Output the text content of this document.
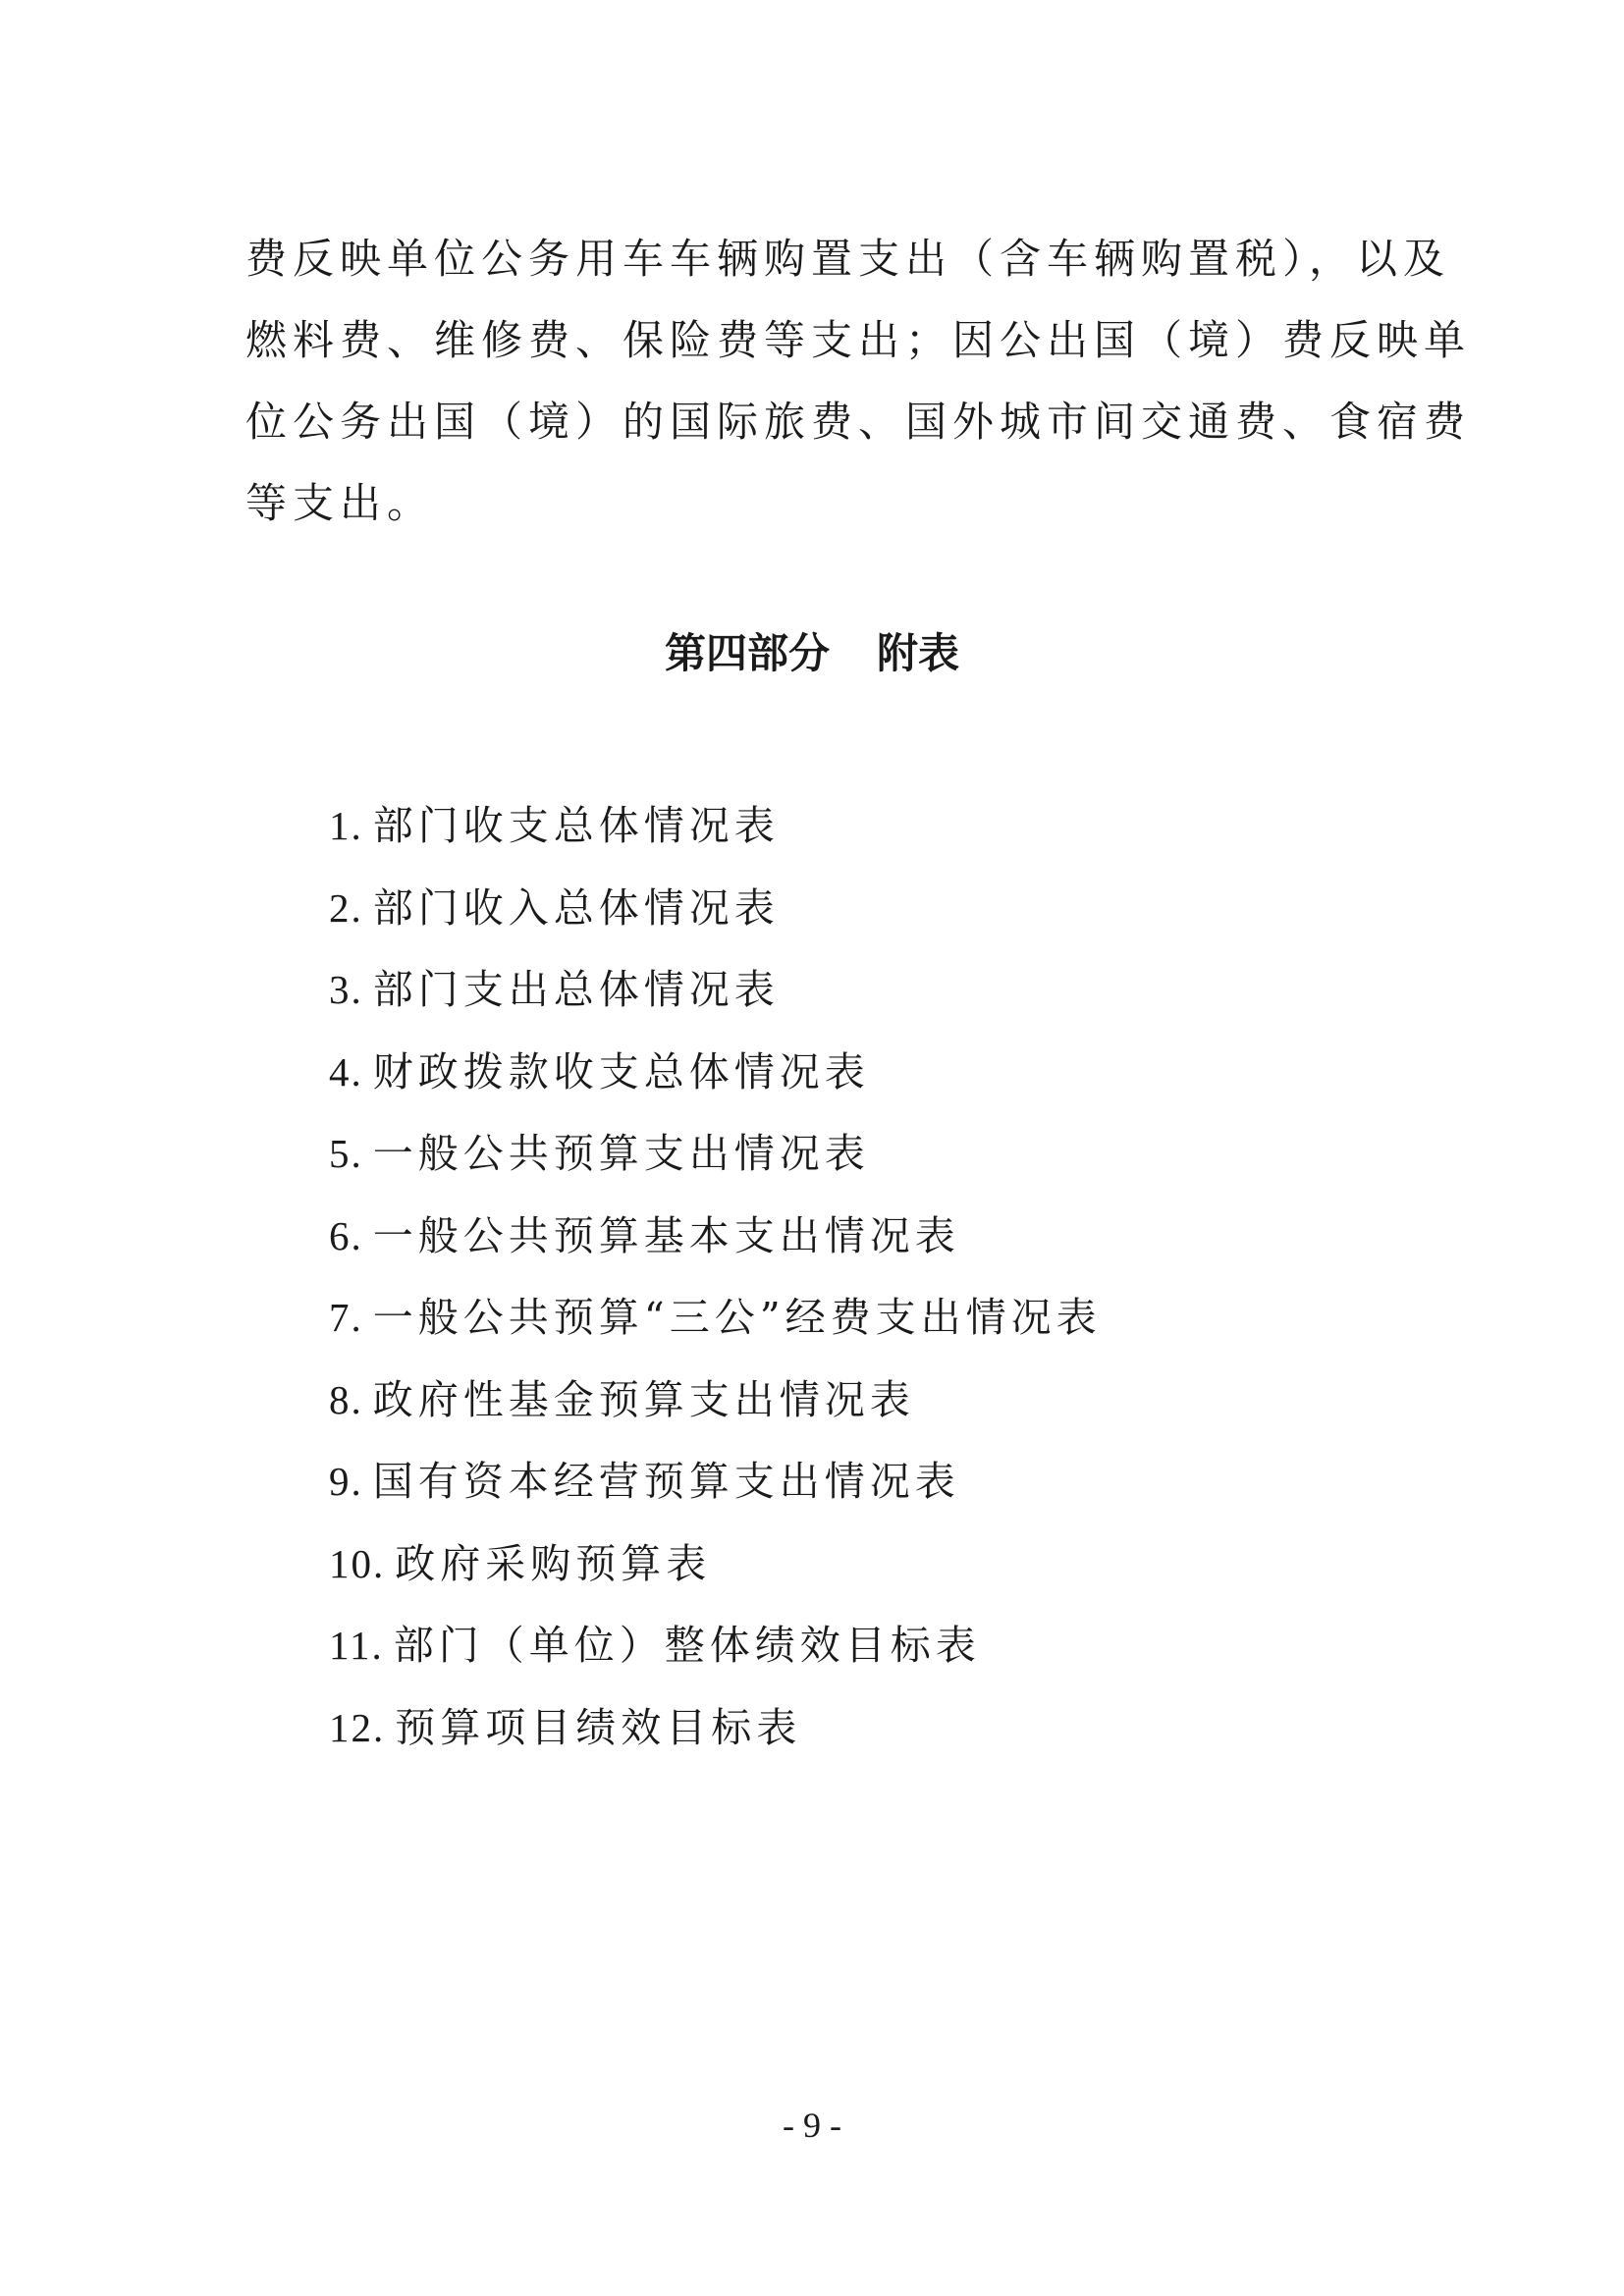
费反映单位公务用车车辆购置支出（含车辆购置税），以及
燃料费、维修费、保险费等支出；因公出国（境）费反映单
位公务出国（境）的国际旅费、国外城市间交通费、食宿费
等支出。

第四部分 附表
1. 部门收支总体情况表
2. 部门收入总体情况表
3. 部门支出总体情况表
4. 财政拨款收支总体情况表
5. 一般公共预算支出情况表
6. 一般公共预算基本支出情况表
7. 一般公共预算“三公”经费支出情况表
8. 政府性基金预算支出情况表
9. 国有资本经营预算支出情况表
10. 政府采购预算表
11. 部门（单位）整体绩效目标表
12. 预算项目绩效目标表
- 9 -
